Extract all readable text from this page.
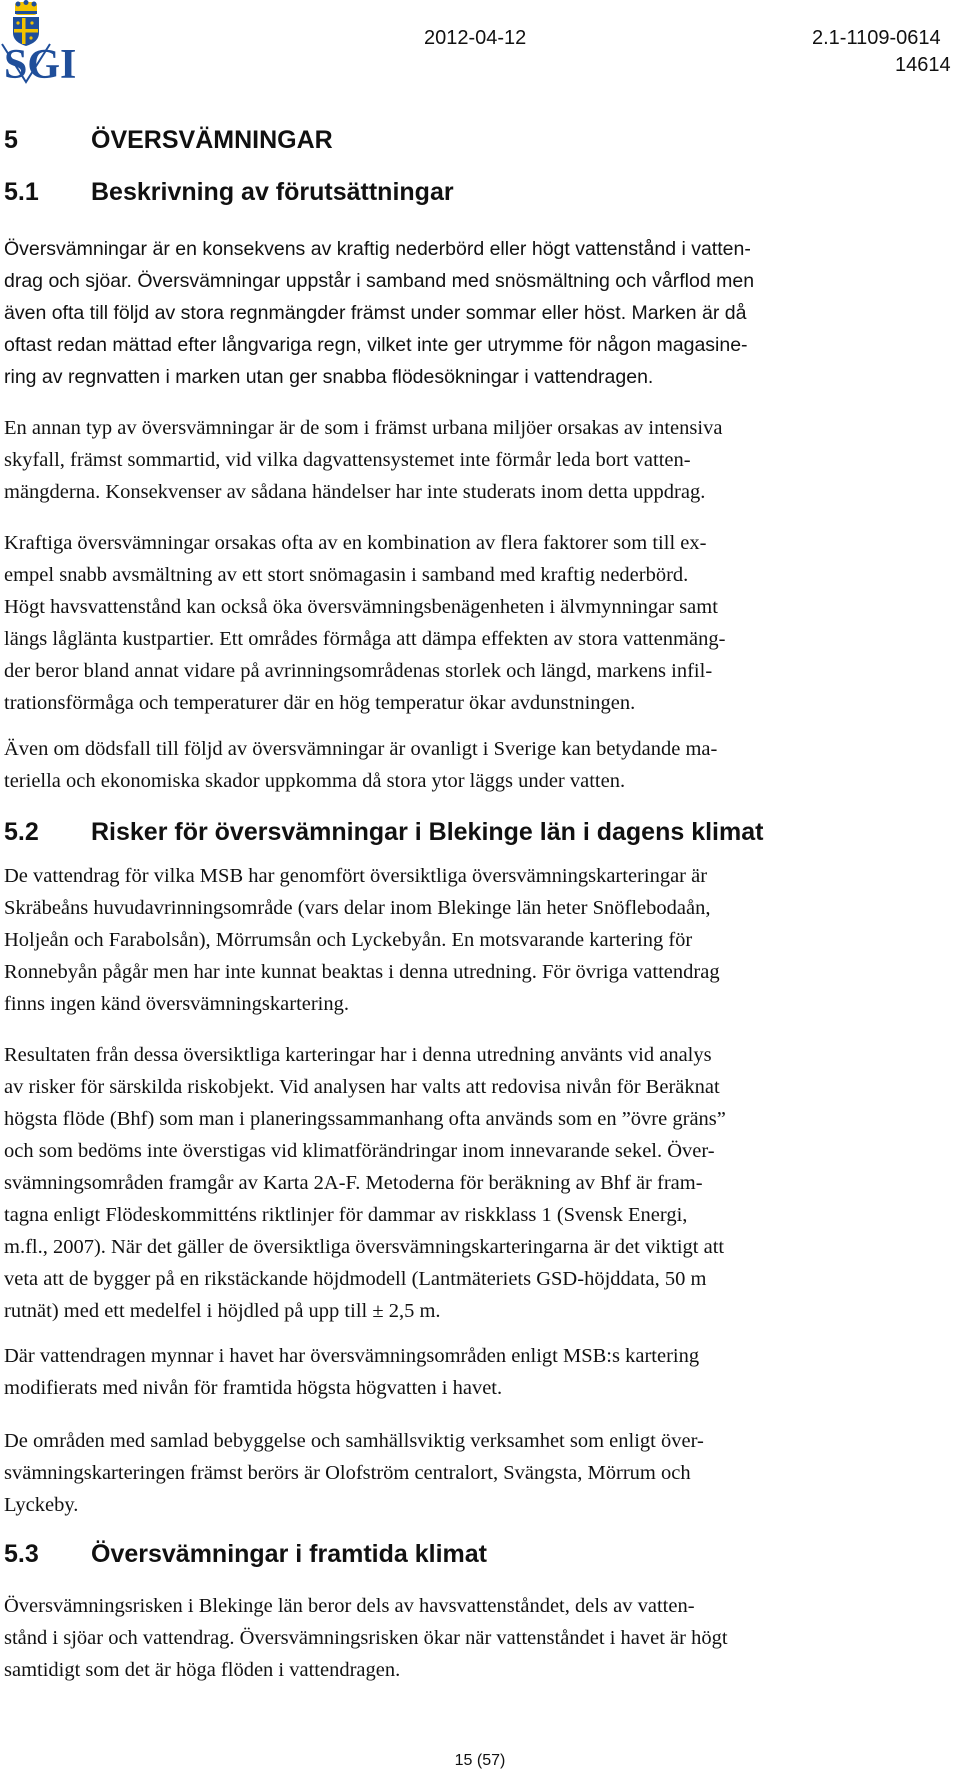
SGI
2012-04-12	2.1-1109-0614
14614
5	ÖVERSVÄMNINGAR
5.1 Beskrivning av förutsättningar
Översvämningar är en konsekvens av kraftig nederbörd eller högt vattenstånd i vatten-
drag och sjöar. Översvämningar uppstår i samband med snösmältning och vårflod men
även ofta till följd av stora regnmängder främst under sommar eller höst. Marken är då
oftast redan mättad efter långvariga regn, vilket inte ger utrymme för någon magasine-
ring av regnvatten i marken utan ger snabba flödesökningar i vattendragen.
En annan typ av översvämningar är de som i främst urbana miljöer orsakas av intensiva
skyfall, främst sommartid, vid vilka dagvattensystemet inte förmår leda bort vatten-
mängderna. Konsekvenser av sådana händelser har inte studerats inom detta uppdrag.
Kraftiga översvämningar orsakas ofta av en kombination av flera faktorer som till ex-
empel snabb avsmältning av ett stort snömagasin i samband med kraftig nederbörd.
Högt havsvattenstånd kan också öka översvämningsbenägenheten i älvmynningar samt
längs låglänta kustpartier. Ett områdes förmåga att dämpa effekten av stora vattenmäng-
der beror bland annat vidare på avrinningsområdenas storlek och längd, markens infil-
trationsförmåga och temperaturer där en hög temperatur ökar avdunstningen.
Även om dödsfall till följd av översvämningar är ovanligt i Sverige kan betydande ma-
teriella och ekonomiska skador uppkomma då stora ytor läggs under vatten.
5.2 Risker för översvämningar i Blekinge län i dagens klimat
De vattendrag för vilka MSB har genomfört översiktliga översvämningskarteringar är
Skräbeåns huvudavrinningsområde (vars delar inom Blekinge län heter Snöflebodaån,
Holjeån och Farabolsån), Mörrumsån och Lyckebyån. En motsvarande kartering för
Ronnebyån pågår men har inte kunnat beaktas i denna utredning. För övriga vattendrag
finns ingen känd översvämningskartering.
Resultaten från dessa översiktliga karteringar har i denna utredning använts vid analys
av risker för särskilda riskobjekt. Vid analysen har valts att redovisa nivån för Beräknat
högsta flöde (Bhf) som man i planeringssammanhang ofta används som en ”övre gräns”
och som bedöms inte överstigas vid klimatförändringar inom innevarande sekel. Över-
svämningsområden framgår av Karta 2A-F. Metoderna för beräkning av Bhf är fram-
tagna enligt Flödeskommitténs riktlinjer för dammar av riskklass 1 (Svensk Energi,
m.fl., 2007). När det gäller de översiktliga översvämningskarteringarna är det viktigt att
veta att de bygger på en rikstäckande höjdmodell (Lantmäteriets GSD-höjddata, 50 m
rutnät) med ett medelfel i höjdled på upp till ± 2,5 m.
Där vattendragen mynnar i havet har översvämningsområden enligt MSB:s kartering
modifierats med nivån för framtida högsta högvatten i havet.
De områden med samlad bebyggelse och samhällsviktig verksamhet som enligt över-
svämningskarteringen främst berörs är Olofström centralort, Svängsta, Mörrum och
Lyckeby.
5.3 Översvämningar i framtida klimat
Översvämningsrisken i Blekinge län beror dels av havsvattenståndet, dels av vatten-
stånd i sjöar och vattendrag. Översvämningsrisken ökar när vattenståndet i havet är högt
samtidigt som det är höga flöden i vattendragen.
15 (57)
